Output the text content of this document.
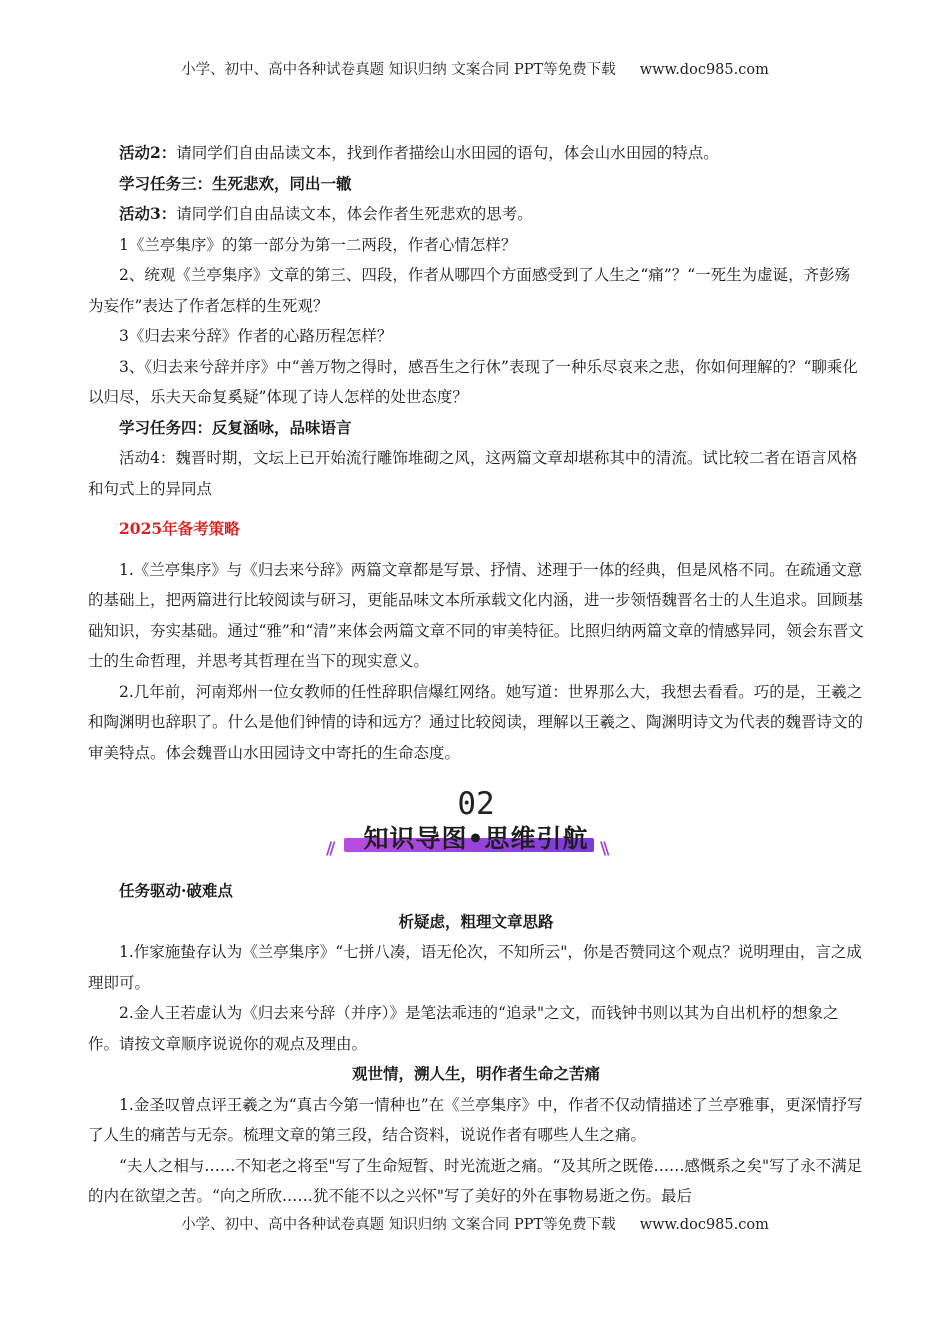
小学、初中、高中各种试卷真题 知识归纳 文案合同 PPT等免费下载 www.doc985.com

活动2：请同学们自由品读文本，找到作者描绘山水田园的语句，体会山水田园的特点。

学习任务三：生死悲欢，同出一辙

活动3：请同学们自由品读文本，体会作者生死悲欢的思考。

1《兰亭集序》的第一部分为第一二两段，作者心情怎样？

2、统观《兰亭集序》文章的第三、四段，作者从哪四个方面感受到了人生之“痛”？“一死生为虚诞，齐彭殇为妄作”表达了作者怎样的生死观？

3《归去来兮辞》作者的心路历程怎样？

3、《归去来兮辞并序》中“善万物之得时，感吾生之行休”表现了一种乐尽哀来之悲，你如何理解的？“聊乘化以归尽，乐夫天命复奚疑”体现了诗人怎样的处世态度？

学习任务四：反复涵咏，品味语言

活动4：魏晋时期，文坛上已开始流行雕饰堆砌之风，这两篇文章却堪称其中的清流。试比较二者在语言风格和句式上的异同点

2025年备考策略

1.《兰亭集序》与《归去来兮辞》两篇文章都是写景、抒情、述理于一体的经典，但是风格不同。在疏通文意的基础上，把两篇进行比较阅读与研习，更能品味文本所承载文化内涵，进一步领悟魏晋名士的人生追求。回顾基础知识，夯实基础。通过“雅”和“清”来体会两篇文章不同的审美特征。比照归纳两篇文章的情感异同，领会东晋文士的生命哲理，并思考其哲理在当下的现实意义。

2.几年前，河南郑州一位女教师的任性辞职信爆红网络。她写道：世界那么大，我想去看看。巧的是，王羲之和陶渊明也辞职了。什么是他们钟情的诗和远方？通过比较阅读，理解以王羲之、陶渊明诗文为代表的魏晋诗文的审美特点。体会魏晋山水田园诗文中寄托的生命态度。

02
//	知识导图•思维引航 \\

任务驱动·破难点

析疑虑，粗理文章思路

1.作家施蛰存认为《兰亭集序》“七拼八凑，语无伦次，不知所云"，你是否赞同这个观点？说明理由，言之成理即可。

2.金人王若虚认为《归去来兮辞（并序）》是笔法乖违的“追录"之文，而钱钟书则以其为自出机杼的想象之作。请按文章顺序说说你的观点及理由。

观世情，溯人生，明作者生命之苦痛

1.金圣叹曾点评王羲之为“真古今第一情种也”在《兰亭集序》中，作者不仅动情描述了兰亭雅事，更深情抒写了人生的痛苦与无奈。梳理文章的第三段，结合资料，说说作者有哪些人生之痛。

“夫人之相与……不知老之将至"写了生命短暂、时光流逝之痛。“及其所之既倦……感慨系之矣"写了永不满足的内在欲望之苦。“向之所欣……犹不能不以之兴怀"写了美好的外在事物易逝之伤。最后

小学、初中、高中各种试卷真题 知识归纳 文案合同 PPT等免费下载 www.doc985.com
